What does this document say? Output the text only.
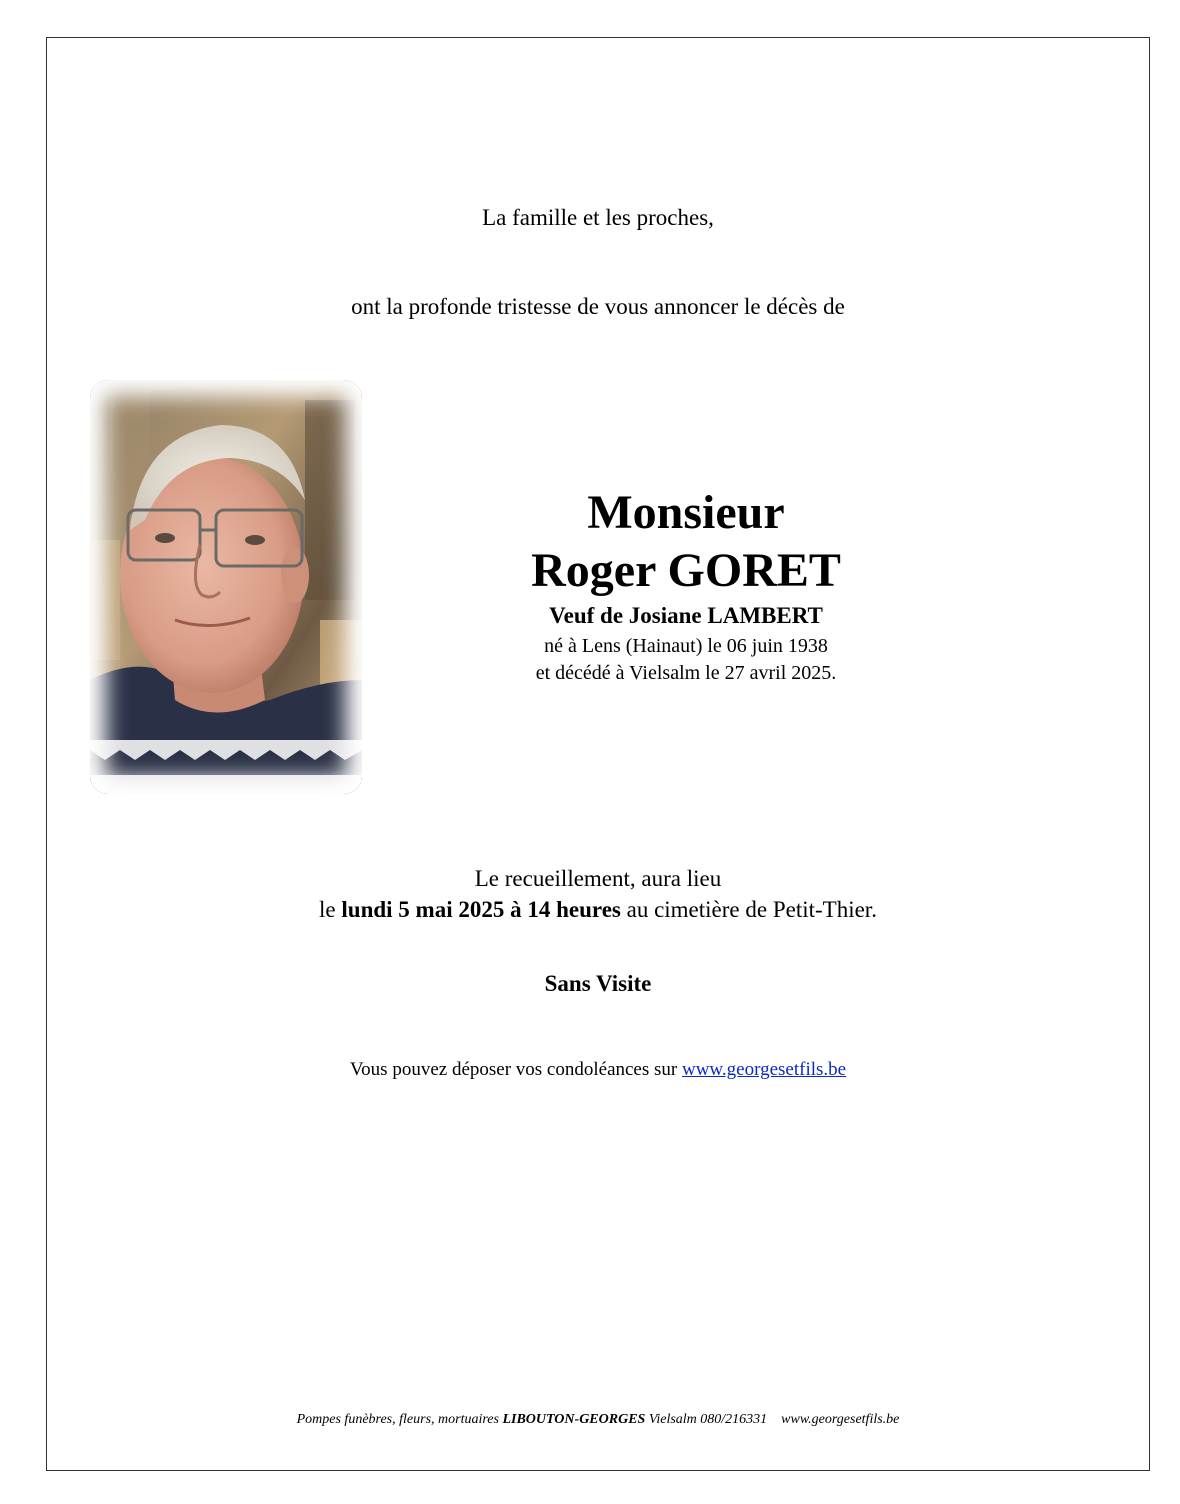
La famille et les proches,
ont la profonde tristesse de vous annoncer le décès de
Monsieur
Roger GORET
Veuf de Josiane LAMBERT
né à Lens (Hainaut) le 06 juin 1938
et décédé à Vielsalm le 27 avril 2025.
Le recueillement, aura lieu
le lundi 5 mai 2025 à 14 heures au cimetière de Petit-Thier.
Sans Visite
Vous pouvez déposer vos condoléances sur www.georgesetfils.be
Pompes funèbres, fleurs, mortuaires LIBOUTON-GEORGES Vielsalm 080/216331 www.georgesetfils.be
